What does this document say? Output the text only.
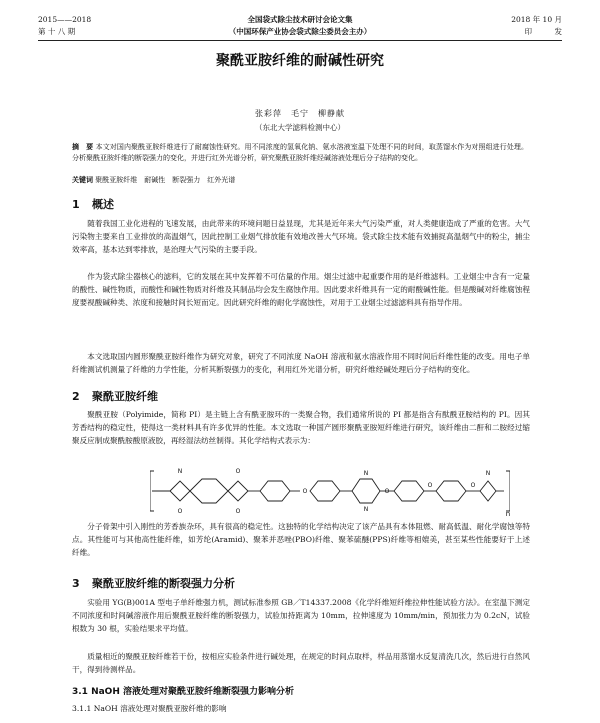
2015——2018
第 十 八 期
全国袋式除尘技术研讨会论文集
（中国环保产业协会袋式除尘委员会主办）
2018 年 10 月
印　　　发
聚酰亚胺纤维的耐碱性研究
张彩萍　毛宁　柳静献
（东北大学滤料检测中心）
摘　要 本文对国内聚酰亚胺纤维进行了耐腐蚀性研究。用不同浓度的氢氧化钠、氨水溶液室温下处理不同的时间，取蒸馏水作为对照组进行处理。分析聚酰亚胺纤维的断裂强力的变化，并进行红外光谱分析，研究聚酰亚胺纤维经碱溶液处理后分子结构的变化。
关键词 聚酰亚胺纤维　耐碱性　断裂强力　红外光谱
1 概述
随着我国工业化进程的飞速发展，由此带来的环境问题日益显现，尤其是近年来大气污染严重，对人类健康造成了严重的危害。大气污染物主要来自工业排放的高温烟气，因此控制工业烟气排放能有效地改善大气环境。袋式除尘技术能有效捕捉高温烟气中的粉尘，捕尘效率高，基本达到零排放，是治理大气污染的主要手段。
作为袋式除尘器核心的滤料，它的发展在其中发挥着不可估量的作用。烟尘过滤中起重要作用的是纤维滤料。工业烟尘中含有一定量的酸性、碱性物质，而酸性和碱性物质对纤维及其制品均会发生腐蚀作用。因此要求纤维具有一定的耐酸碱性能。但是酸碱对纤维腐蚀程度要视酸碱种类、浓度和接触时间长短而定。因此研究纤维的耐化学腐蚀性，对用于工业烟尘过滤滤料具有指导作用。
本文选取国内圆形聚酰亚胺纤维作为研究对象，研究了不同浓度 NaOH 溶液和氨水溶液作用不同时间后纤维性能的改变。用电子单纤维测试机测量了纤维的力学性能，分析其断裂强力的变化，利用红外光谱分析，研究纤维经碱处理后分子结构的变化。
2 聚酰亚胺纤维
聚酰亚胺（Polyimide，简称 PI）是主链上含有酰亚胺环的一类聚合物，我们通常所说的 PI 都是指含有酞酰亚胺结构的 PI。因其芳香结构的稳定性，使得这一类材料具有许多优异的性能。本文选取一种国产圆形聚酰亚胺短纤维进行研究，该纤维由二酐和二胺经过缩聚反应制成聚酰胺酸原液胶，再经湿法纺丝制得。其化学结构式表示为：
N	O
O	O
O	O
N
N
N
O	O
n
分子骨架中引入刚性的芳香族杂环，具有很高的稳定性。这独特的化学结构决定了该产品具有本体阻燃、耐高低温、耐化学腐蚀等特点。其性能可与其他高性能纤维，如芳纶(Aramid)、聚苯并恶唑(PBO)纤维、聚苯硫醚(PPS)纤维等相媲美，甚至某些性能要好于上述纤维。
3 聚酰亚胺纤维的断裂强力分析
实验用 YG(B)001A 型电子单纤维强力机，测试标准参照 GB／T14337.2008《化学纤维短纤维拉伸性能试验方法》。在室温下测定不同浓度和时间碱溶液作用后聚酰亚胺纤维的断裂强力，试验加持距离为 10mm，拉伸速度为 10mm/min，预加张力为 0.2cN，试验根数为 30 根，实验结果求平均值。
质量相近的聚酰亚胺纤维若干份，按相应实验条件进行碱处理，在规定的时间点取样，样品用蒸馏水反复清洗几次，然后进行自然风干，得到待测样品。
3.1 NaOH 溶液处理对聚酰亚胺纤维断裂强力影响分析
3.1.1 NaOH 溶液处理对聚酰亚胺纤维的影响
